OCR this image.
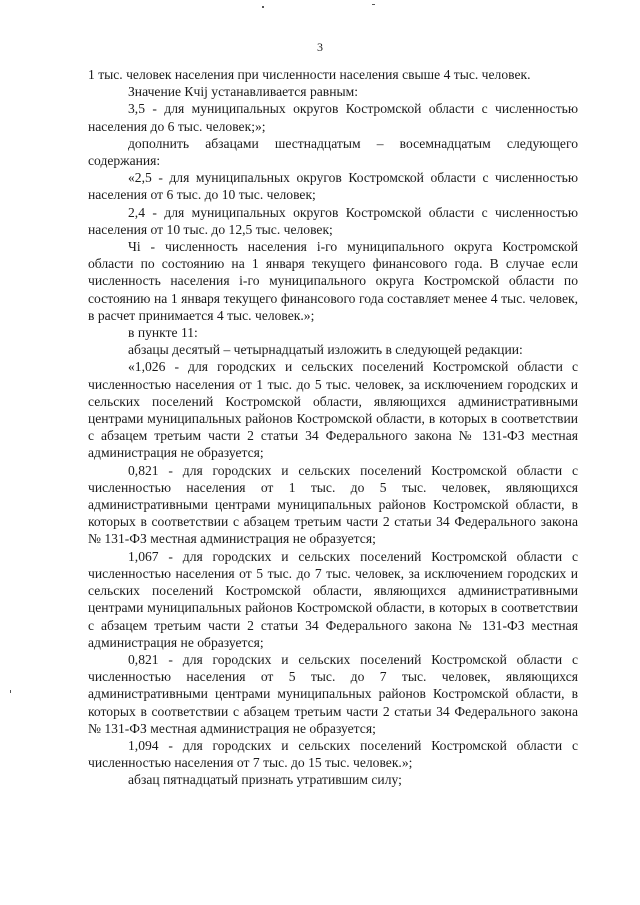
3

1 тыс. человек населения при численности населения свыше 4 тыс. человек.

Значение Кчij устанавливается равным:

3,5 - для муниципальных округов Костромской области с численностью населения до 6 тыс. человек;»;

дополнить абзацами шестнадцатым – восемнадцатым следующего содержания:

«2,5 - для муниципальных округов Костромской области с численностью населения от 6 тыс. до 10 тыс. человек;

2,4 - для муниципальных округов Костромской области с численностью населения от 10 тыс. до 12,5 тыс. человек;

Чi - численность населения i-го муниципального округа Костромской области по состоянию на 1 января текущего финансового года. В случае если численность населения i-го муниципального округа Костромской области по состоянию на 1 января текущего финансового года составляет менее 4 тыс. человек, в расчет принимается 4 тыс. человек.»;

в пункте 11:

абзацы десятый – четырнадцатый изложить в следующей редакции:

«1,026 - для городских и сельских поселений Костромской области с численностью населения от 1 тыс. до 5 тыс. человек, за исключением городских и сельских поселений Костромской области, являющихся административными центрами муниципальных районов Костромской области, в которых в соответствии с абзацем третьим части 2 статьи 34 Федерального закона № 131-ФЗ местная администрация не образуется;

0,821 - для городских и сельских поселений Костромской области с численностью населения от 1 тыс. до 5 тыс. человек, являющихся административными центрами муниципальных районов Костромской области, в которых в соответствии с абзацем третьим части 2 статьи 34 Федерального закона № 131-ФЗ местная администрация не образуется;

1,067 - для городских и сельских поселений Костромской области с численностью населения от 5 тыс. до 7 тыс. человек, за исключением городских и сельских поселений Костромской области, являющихся административными центрами муниципальных районов Костромской области, в которых в соответствии с абзацем третьим части 2 статьи 34 Федерального закона № 131-ФЗ местная администрация не образуется;

0,821 - для городских и сельских поселений Костромской области с численностью населения от 5 тыс. до 7 тыс. человек, являющихся административными центрами муниципальных районов Костромской области, в которых в соответствии с абзацем третьим части 2 статьи 34 Федерального закона № 131-ФЗ местная администрация не образуется;

1,094 - для городских и сельских поселений Костромской области с численностью населения от 7 тыс. до 15 тыс. человек.»;

абзац пятнадцатый признать утратившим силу;
